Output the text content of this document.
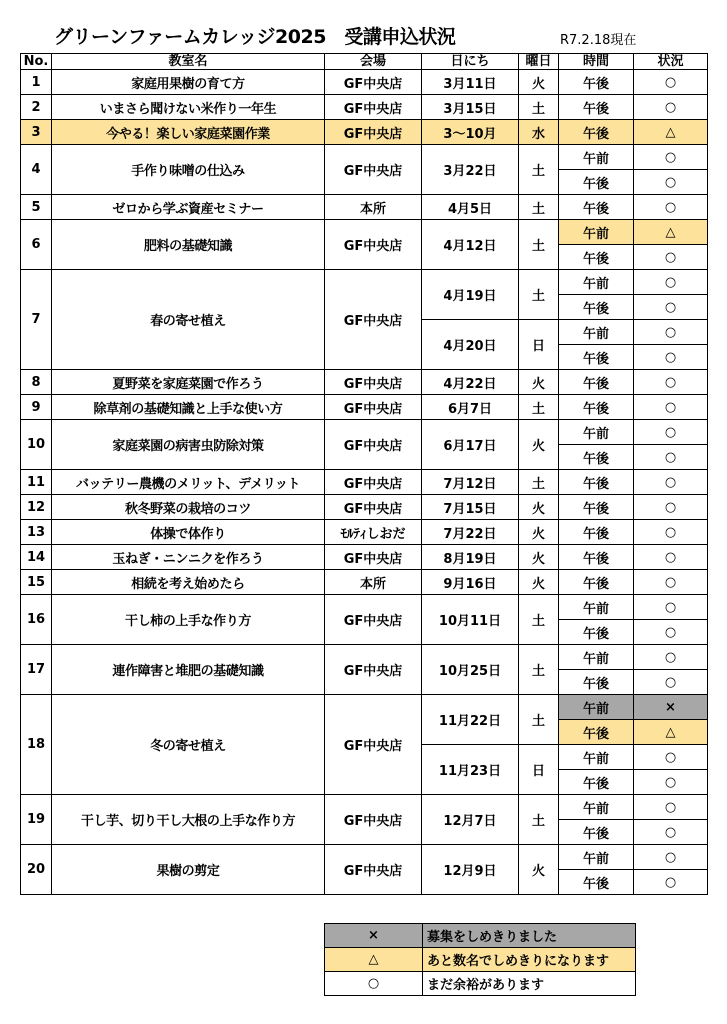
グリーンファームカレッジ2025　受講申込状況	R7.2.18現在
No.	教室名	会場	日にち	曜日	時間	状況
1	家庭用果樹の育て方	GF中央店	3月11日	火	午後	○
2	いまさら聞けない米作り一年生	GF中央店	3月15日	土	午後	○
3	今やる！楽しい家庭菜園作業	GF中央店	3～10月	水	午後	△
4	手作り味噌の仕込み	GF中央店	3月22日	土	午前	○
					午後	○
5	ゼロから学ぶ資産セミナー	本所	4月5日	土	午後	○
6	肥料の基礎知識	GF中央店	4月12日	土	午前	△
					午後	○
7	春の寄せ植え	GF中央店	4月19日	土	午前	○
					午後	○
			4月20日	日	午前	○
					午後	○
8	夏野菜を家庭菜園で作ろう	GF中央店	4月22日	火	午後	○
9	除草剤の基礎知識と上手な使い方	GF中央店	6月7日	土	午後	○
10	家庭菜園の病害虫防除対策	GF中央店	6月17日	火	午前	○
					午後	○
11	バッテリー農機のメリット、デメリット	GF中央店	7月12日	土	午後	○
12	秋冬野菜の栽培のコツ	GF中央店	7月15日	火	午後	○
13	体操で体作り	ﾓﾙﾃｨしおだ	7月22日	火	午後	○
14	玉ねぎ・ニンニクを作ろう	GF中央店	8月19日	火	午後	○
15	相続を考え始めたら	本所	9月16日	火	午後	○
16	干し柿の上手な作り方	GF中央店	10月11日	土	午前	○
					午後	○
17	連作障害と堆肥の基礎知識	GF中央店	10月25日	土	午前	○
					午後	○
18	冬の寄せ植え	GF中央店	11月22日	土	午前	×
					午後	△
			11月23日	日	午前	○
					午後	○
19	干し芋、切り干し大根の上手な作り方	GF中央店	12月7日	土	午前	○
					午後	○
20	果樹の剪定	GF中央店	12月9日	火	午前	○
					午後	○
×	募集をしめきりました
△	あと数名でしめきりになります
○	まだ余裕があります
